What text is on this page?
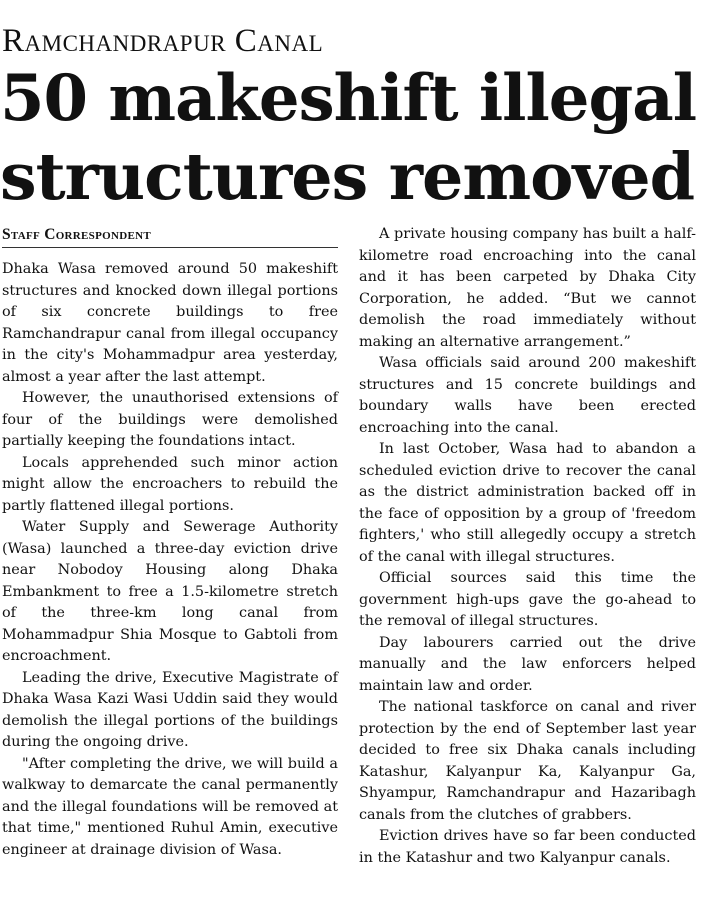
Ramchandrapur Canal
50 makeshift illegal
structures removed
Staff Correspondent

Dhaka Wasa removed around 50 makeshift structures and knocked down illegal portions of six concrete buildings to free Ramchandrapur canal from illegal occupancy in the city's Mohammadpur area yesterday, almost a year after the last attempt.

However, the unauthorised extensions of four of the buildings were demolished partially keeping the foundations intact.

Locals apprehended such minor action might allow the encroachers to rebuild the partly flattened illegal portions.

Water Supply and Sewerage Authority (Wasa) launched a three-day eviction drive near Nobodoy Housing along Dhaka Embankment to free a 1.5-kilometre stretch of the three-km long canal from Mohammadpur Shia Mosque to Gabtoli from encroachment.

Leading the drive, Executive Magistrate of Dhaka Wasa Kazi Wasi Uddin said they would demolish the illegal portions of the buildings during the ongoing drive.

"After completing the drive, we will build a walkway to demarcate the canal permanently and the illegal foundations will be removed at that time," mentioned Ruhul Amin, executive engineer at drainage division of Wasa.

A private housing company has built a half-kilometre road encroaching into the canal and it has been carpeted by Dhaka City Corporation, he added. “But we cannot demolish the road immediately without making an alternative arrangement.”

Wasa officials said around 200 makeshift structures and 15 concrete buildings and boundary walls have been erected encroaching into the canal.

In last October, Wasa had to abandon a scheduled eviction drive to recover the canal as the district administration backed off in the face of opposition by a group of 'freedom fighters,' who still allegedly occupy a stretch of the canal with illegal structures.

Official sources said this time the government high-ups gave the go-ahead to the removal of illegal structures.

Day labourers carried out the drive manually and the law enforcers helped maintain law and order.

The national taskforce on canal and river protection by the end of September last year decided to free six Dhaka canals including Katashur, Kalyanpur Ka, Kalyanpur Ga, Shyampur, Ramchandrapur and Hazaribagh canals from the clutches of grabbers.

Eviction drives have so far been conducted in the Katashur and two Kalyanpur canals.
